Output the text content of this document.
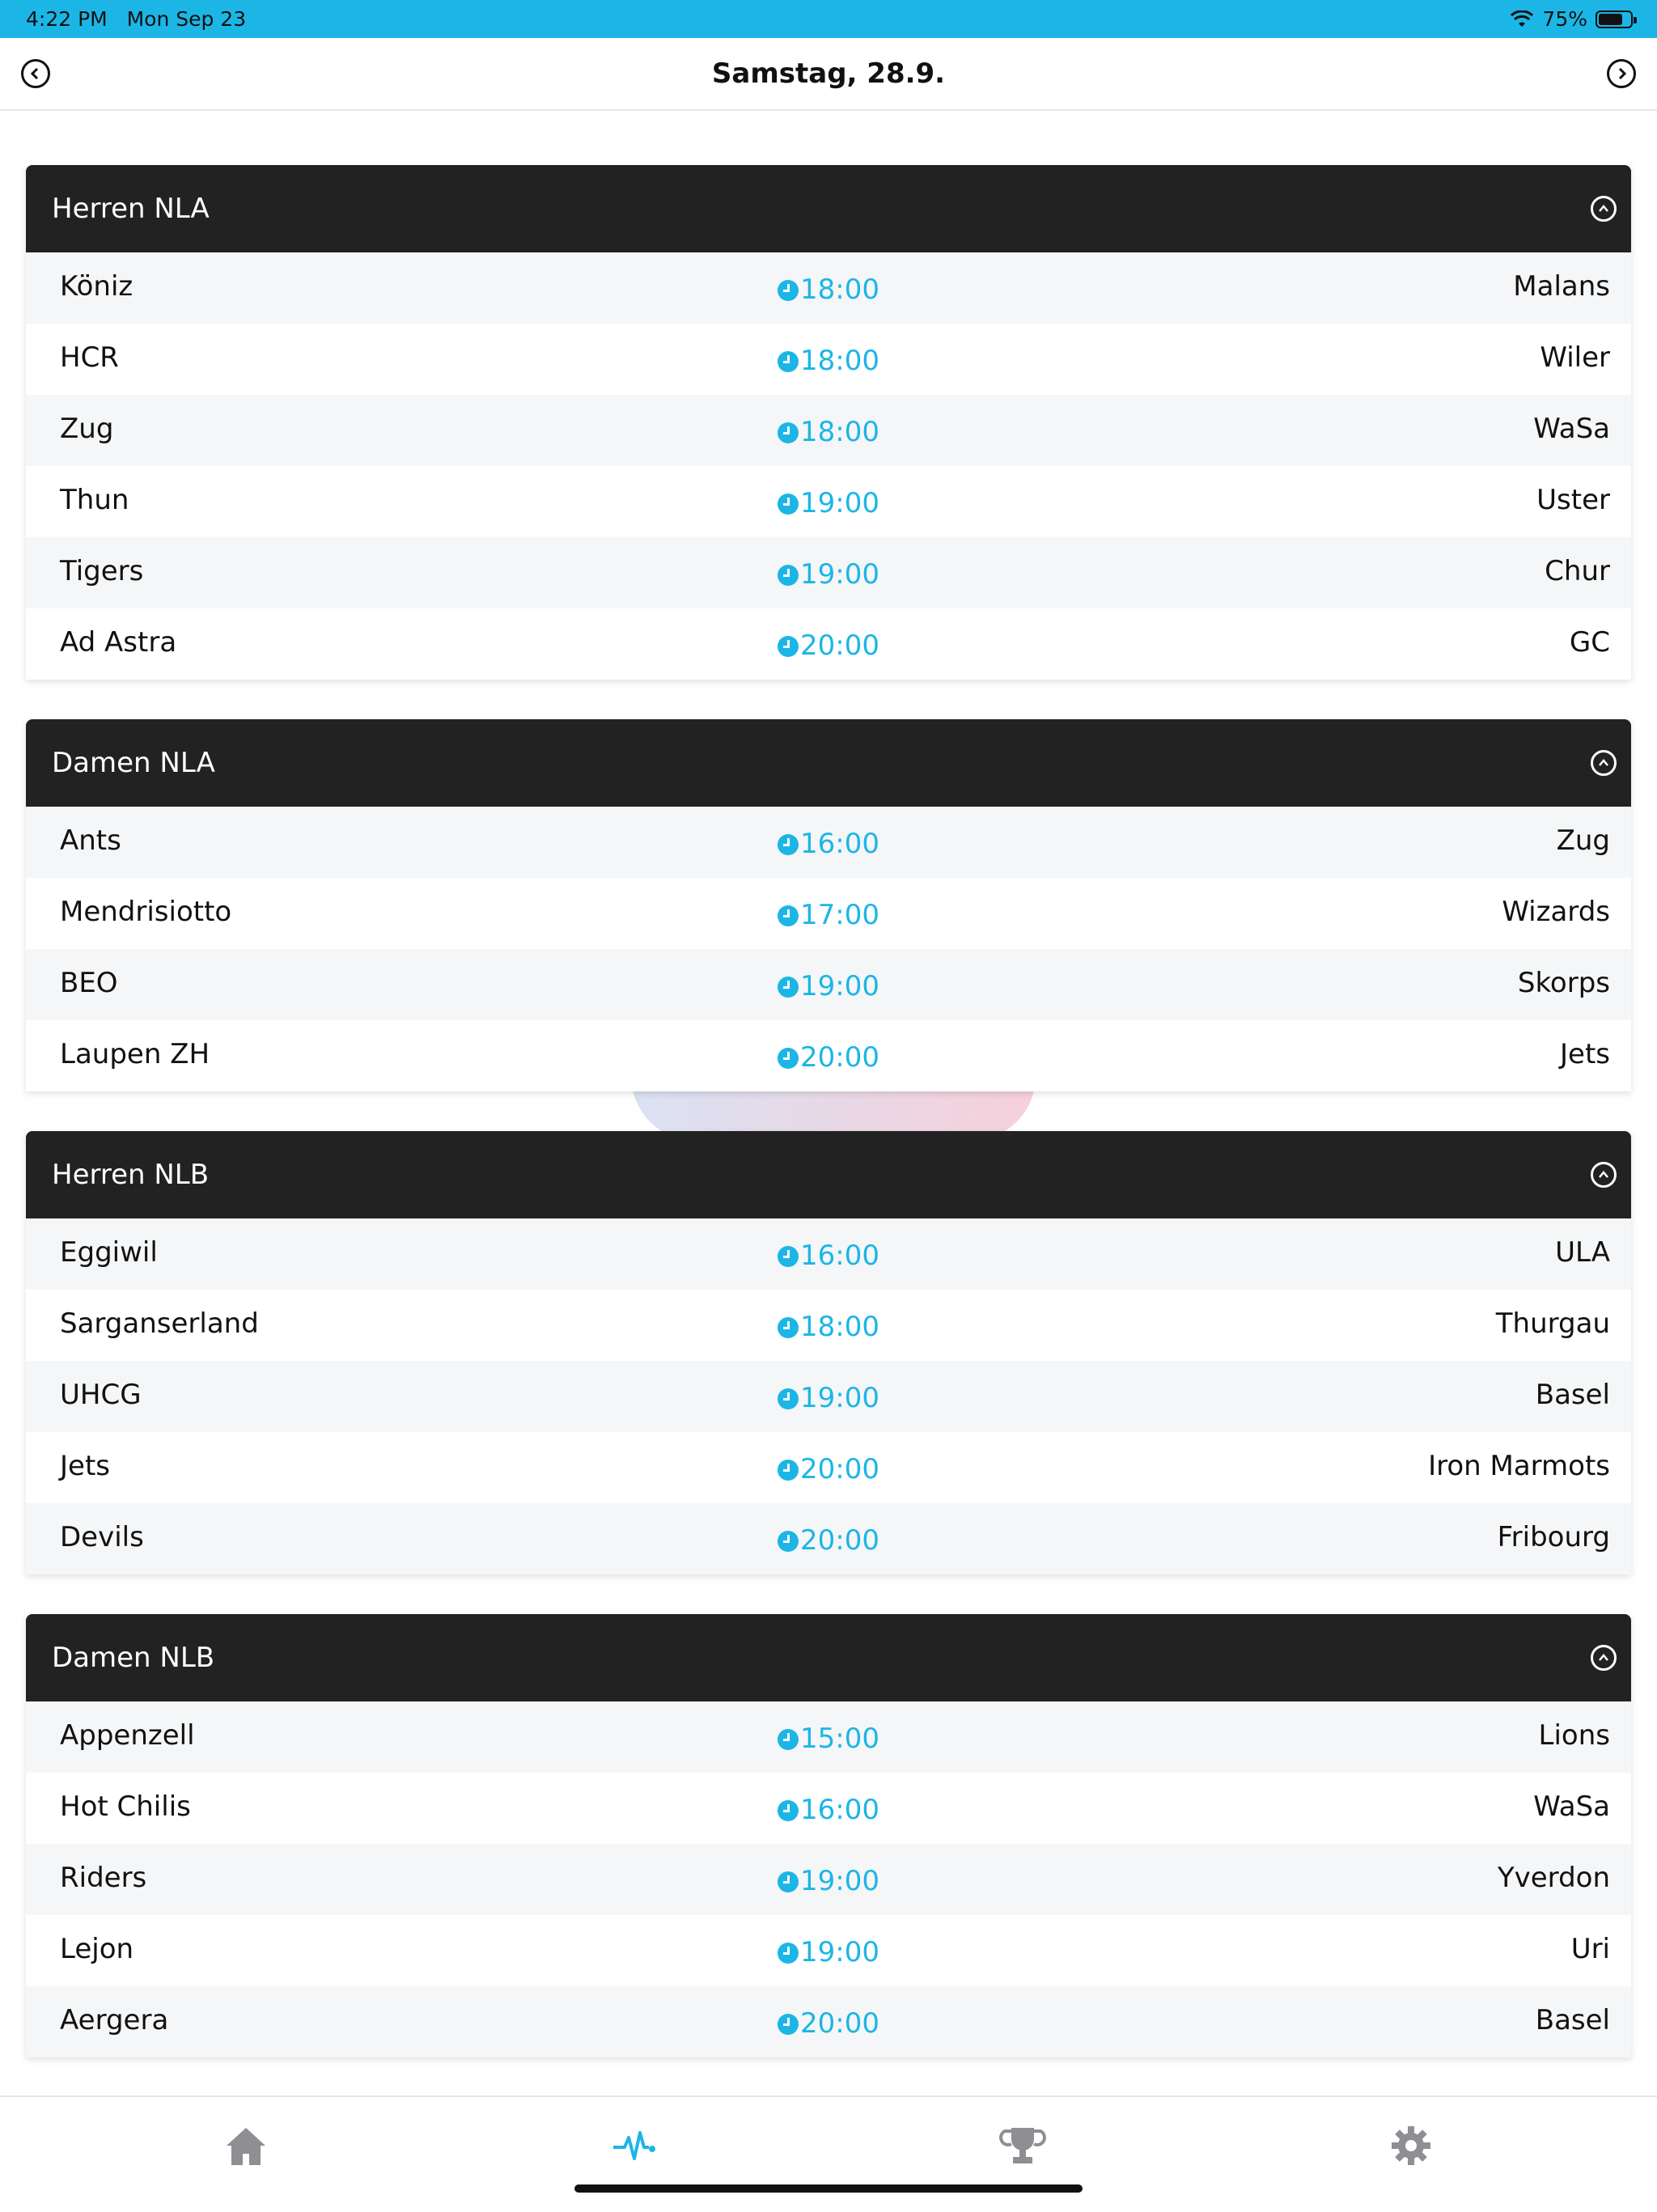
4:22 PM Mon Sep 23	75%
Samstag, 28.9.
Herren NLA
Köniz	18:00	Malans
HCR	18:00	Wiler
Zug	18:00	WaSa
Thun	19:00	Uster
Tigers	19:00	Chur
Ad Astra	20:00	GC
Damen NLA
Ants	16:00	Zug
Mendrisiotto	17:00	Wizards
BEO	19:00	Skorps
Laupen ZH	20:00	Jets
Herren NLB
Eggiwil	16:00	ULA
Sarganserland	18:00	Thurgau
UHCG	19:00	Basel
Jets	20:00	Iron Marmots
Devils	20:00	Fribourg
Damen NLB
Appenzell	15:00	Lions
Hot Chilis	16:00	WaSa
Riders	19:00	Yverdon
Lejon	19:00	Uri
Aergera	20:00	Basel
